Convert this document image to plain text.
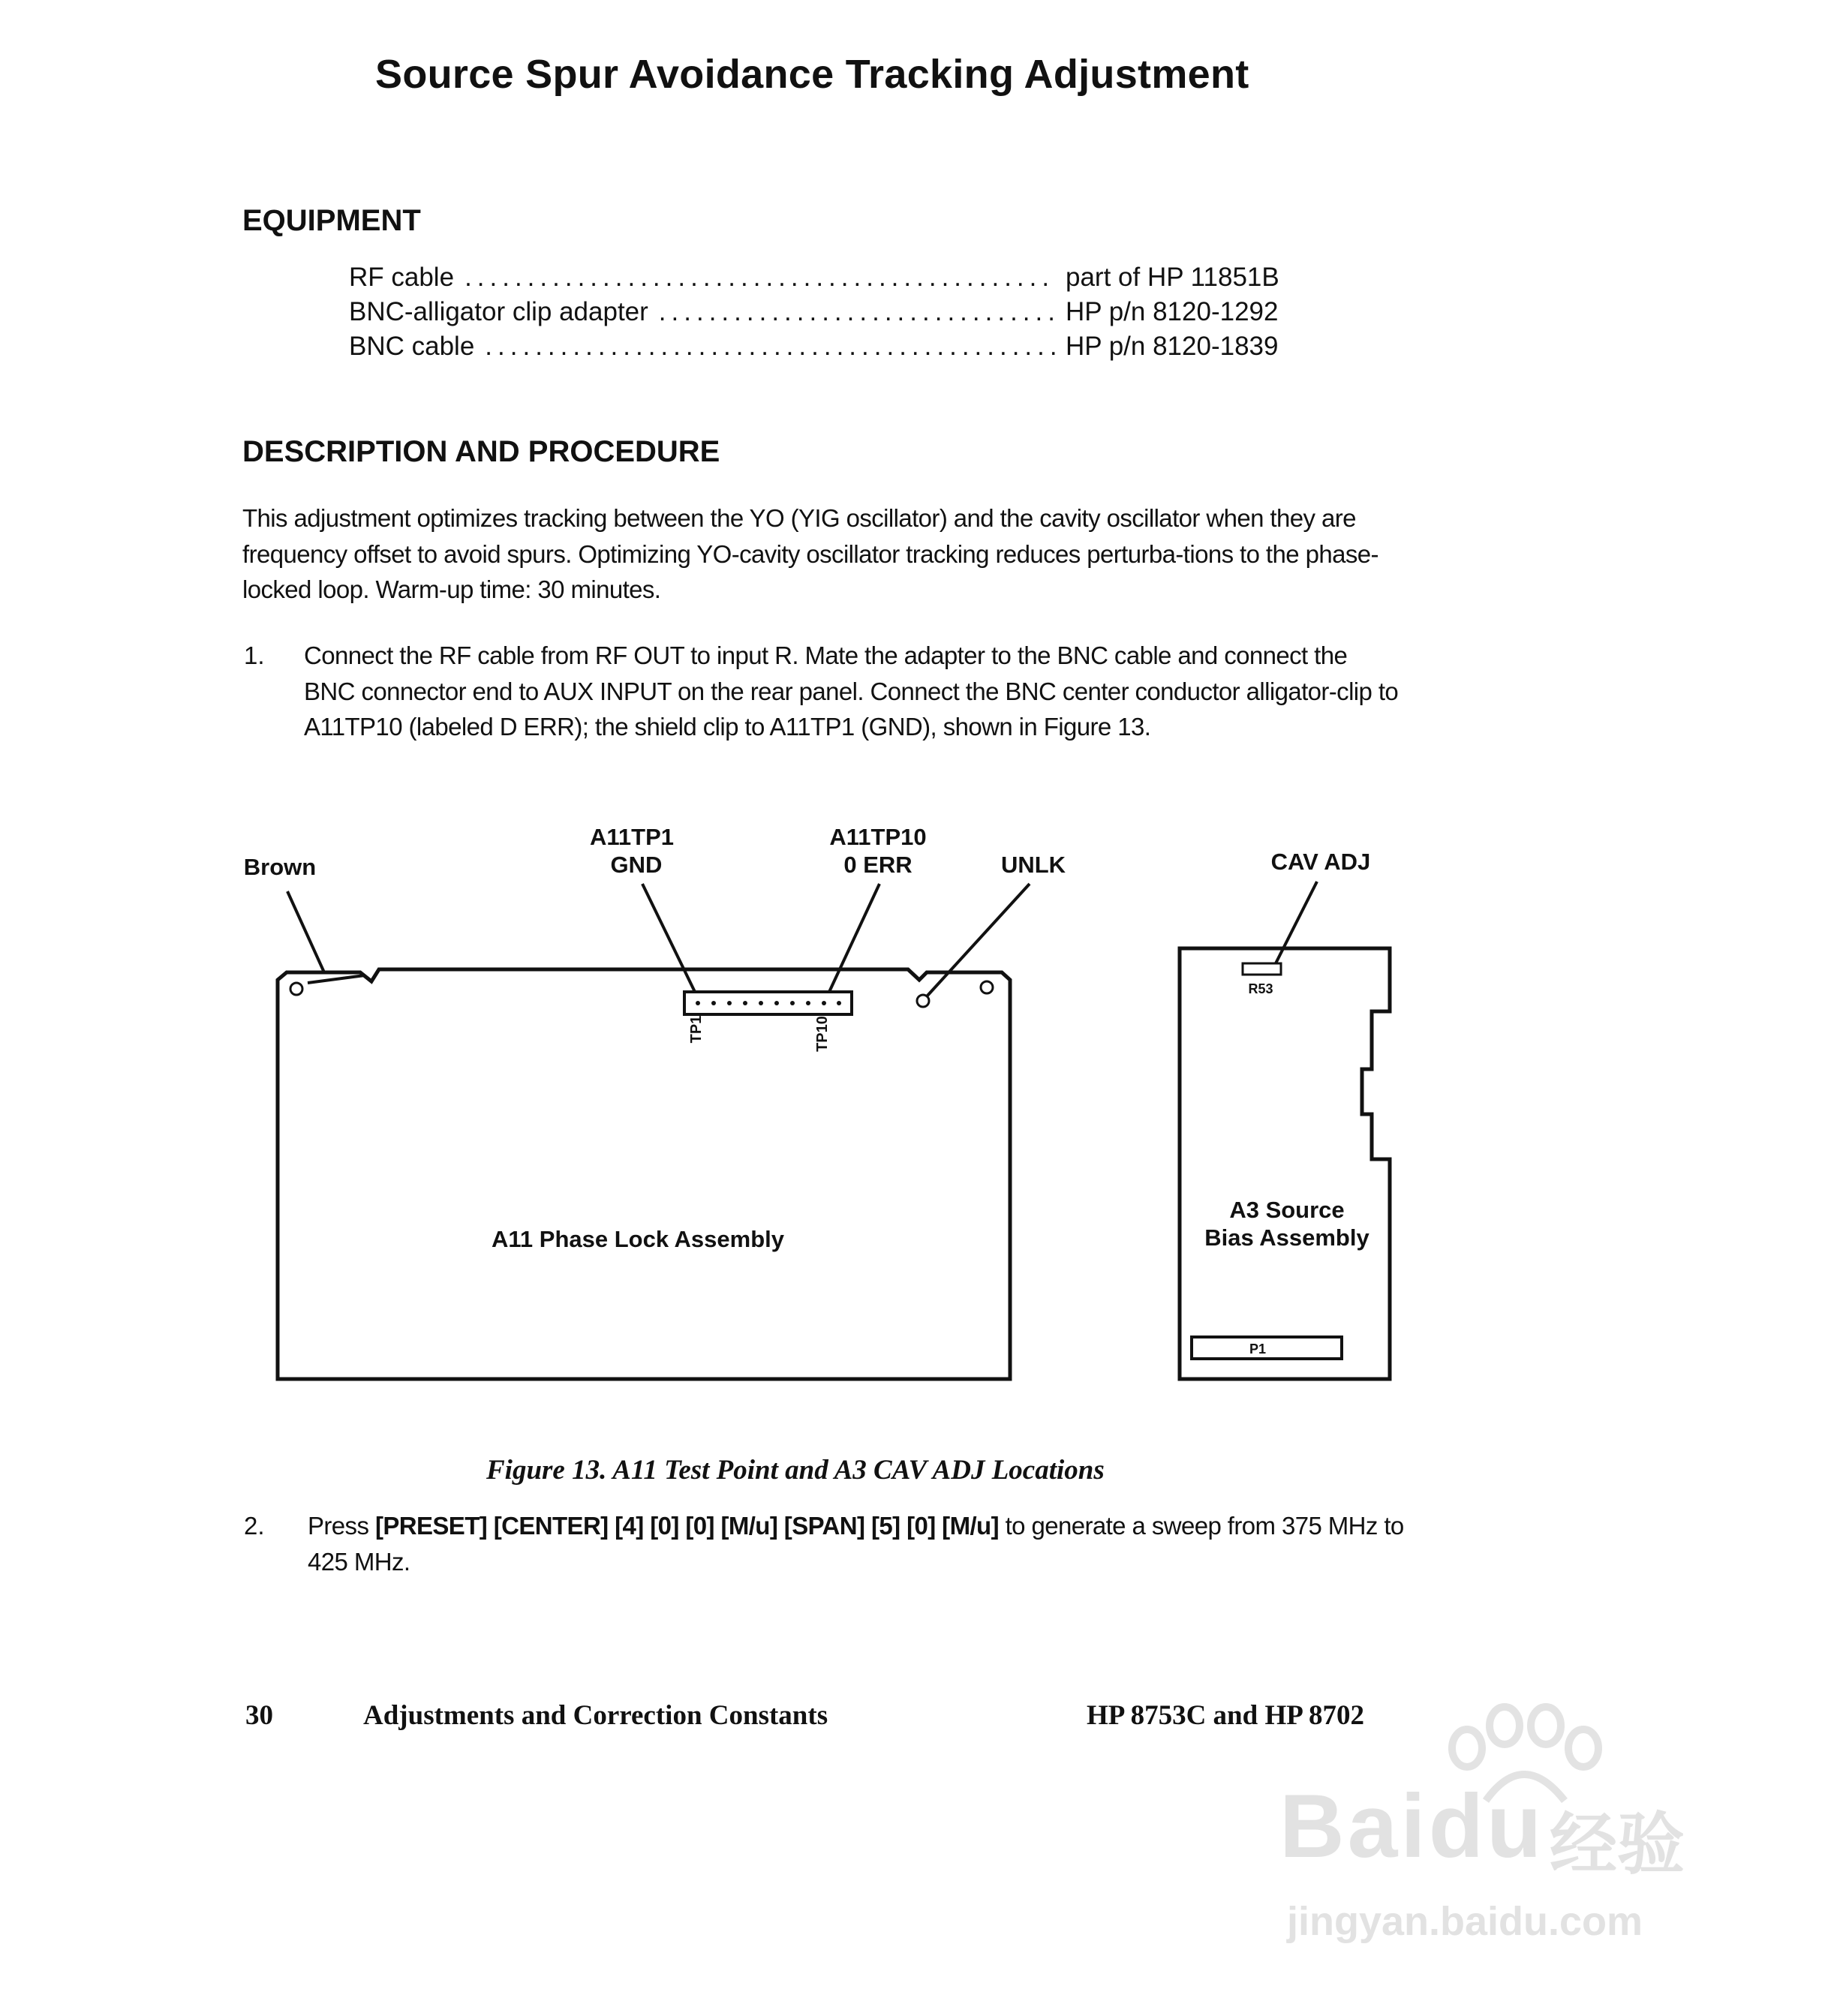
Source Spur Avoidance Tracking Adjustment
EQUIPMENT
RF cable .....	part of HP 11851B
BNC-alligator clip adapter .....	HP p/n 8120-1292
BNC cable .....	HP p/n 8120-1839
DESCRIPTION AND PROCEDURE
This adjustment optimizes tracking between the YO (YIG oscillator) and the cavity oscillator when they are frequency offset to avoid spurs. Optimizing YO-cavity oscillator tracking reduces perturba-tions to the phase-locked loop. Warm-up time: 30 minutes.
1. Connect the RF cable from RF OUT to input R. Mate the adapter to the BNC cable and connect the BNC connector end to AUX INPUT on the rear panel. Connect the BNC center conductor alligator-clip to A11TP10 (labeled D ERR); the shield clip to A11TP1 (GND), shown in Figure 13.
Brown
A11TP1
GND
A11TP10
0 ERR	UNLK	CAV ADJ
A11 Phase Lock Assembly
A3 Source
Bias Assembly
R53
P1
TP1	TP10
Figure 13. A11 Test Point and A3 CAV ADJ Locations
2. Press [PRESET] [CENTER] [4] [0] [0] [M/u] [SPAN] [5] [0] [M/u] to generate a sweep from 375 MHz to 425 MHz.
30	Adjustments and Correction Constants	HP 8753C and HP 8702
Baidu 经验
jingyan.baidu.com
